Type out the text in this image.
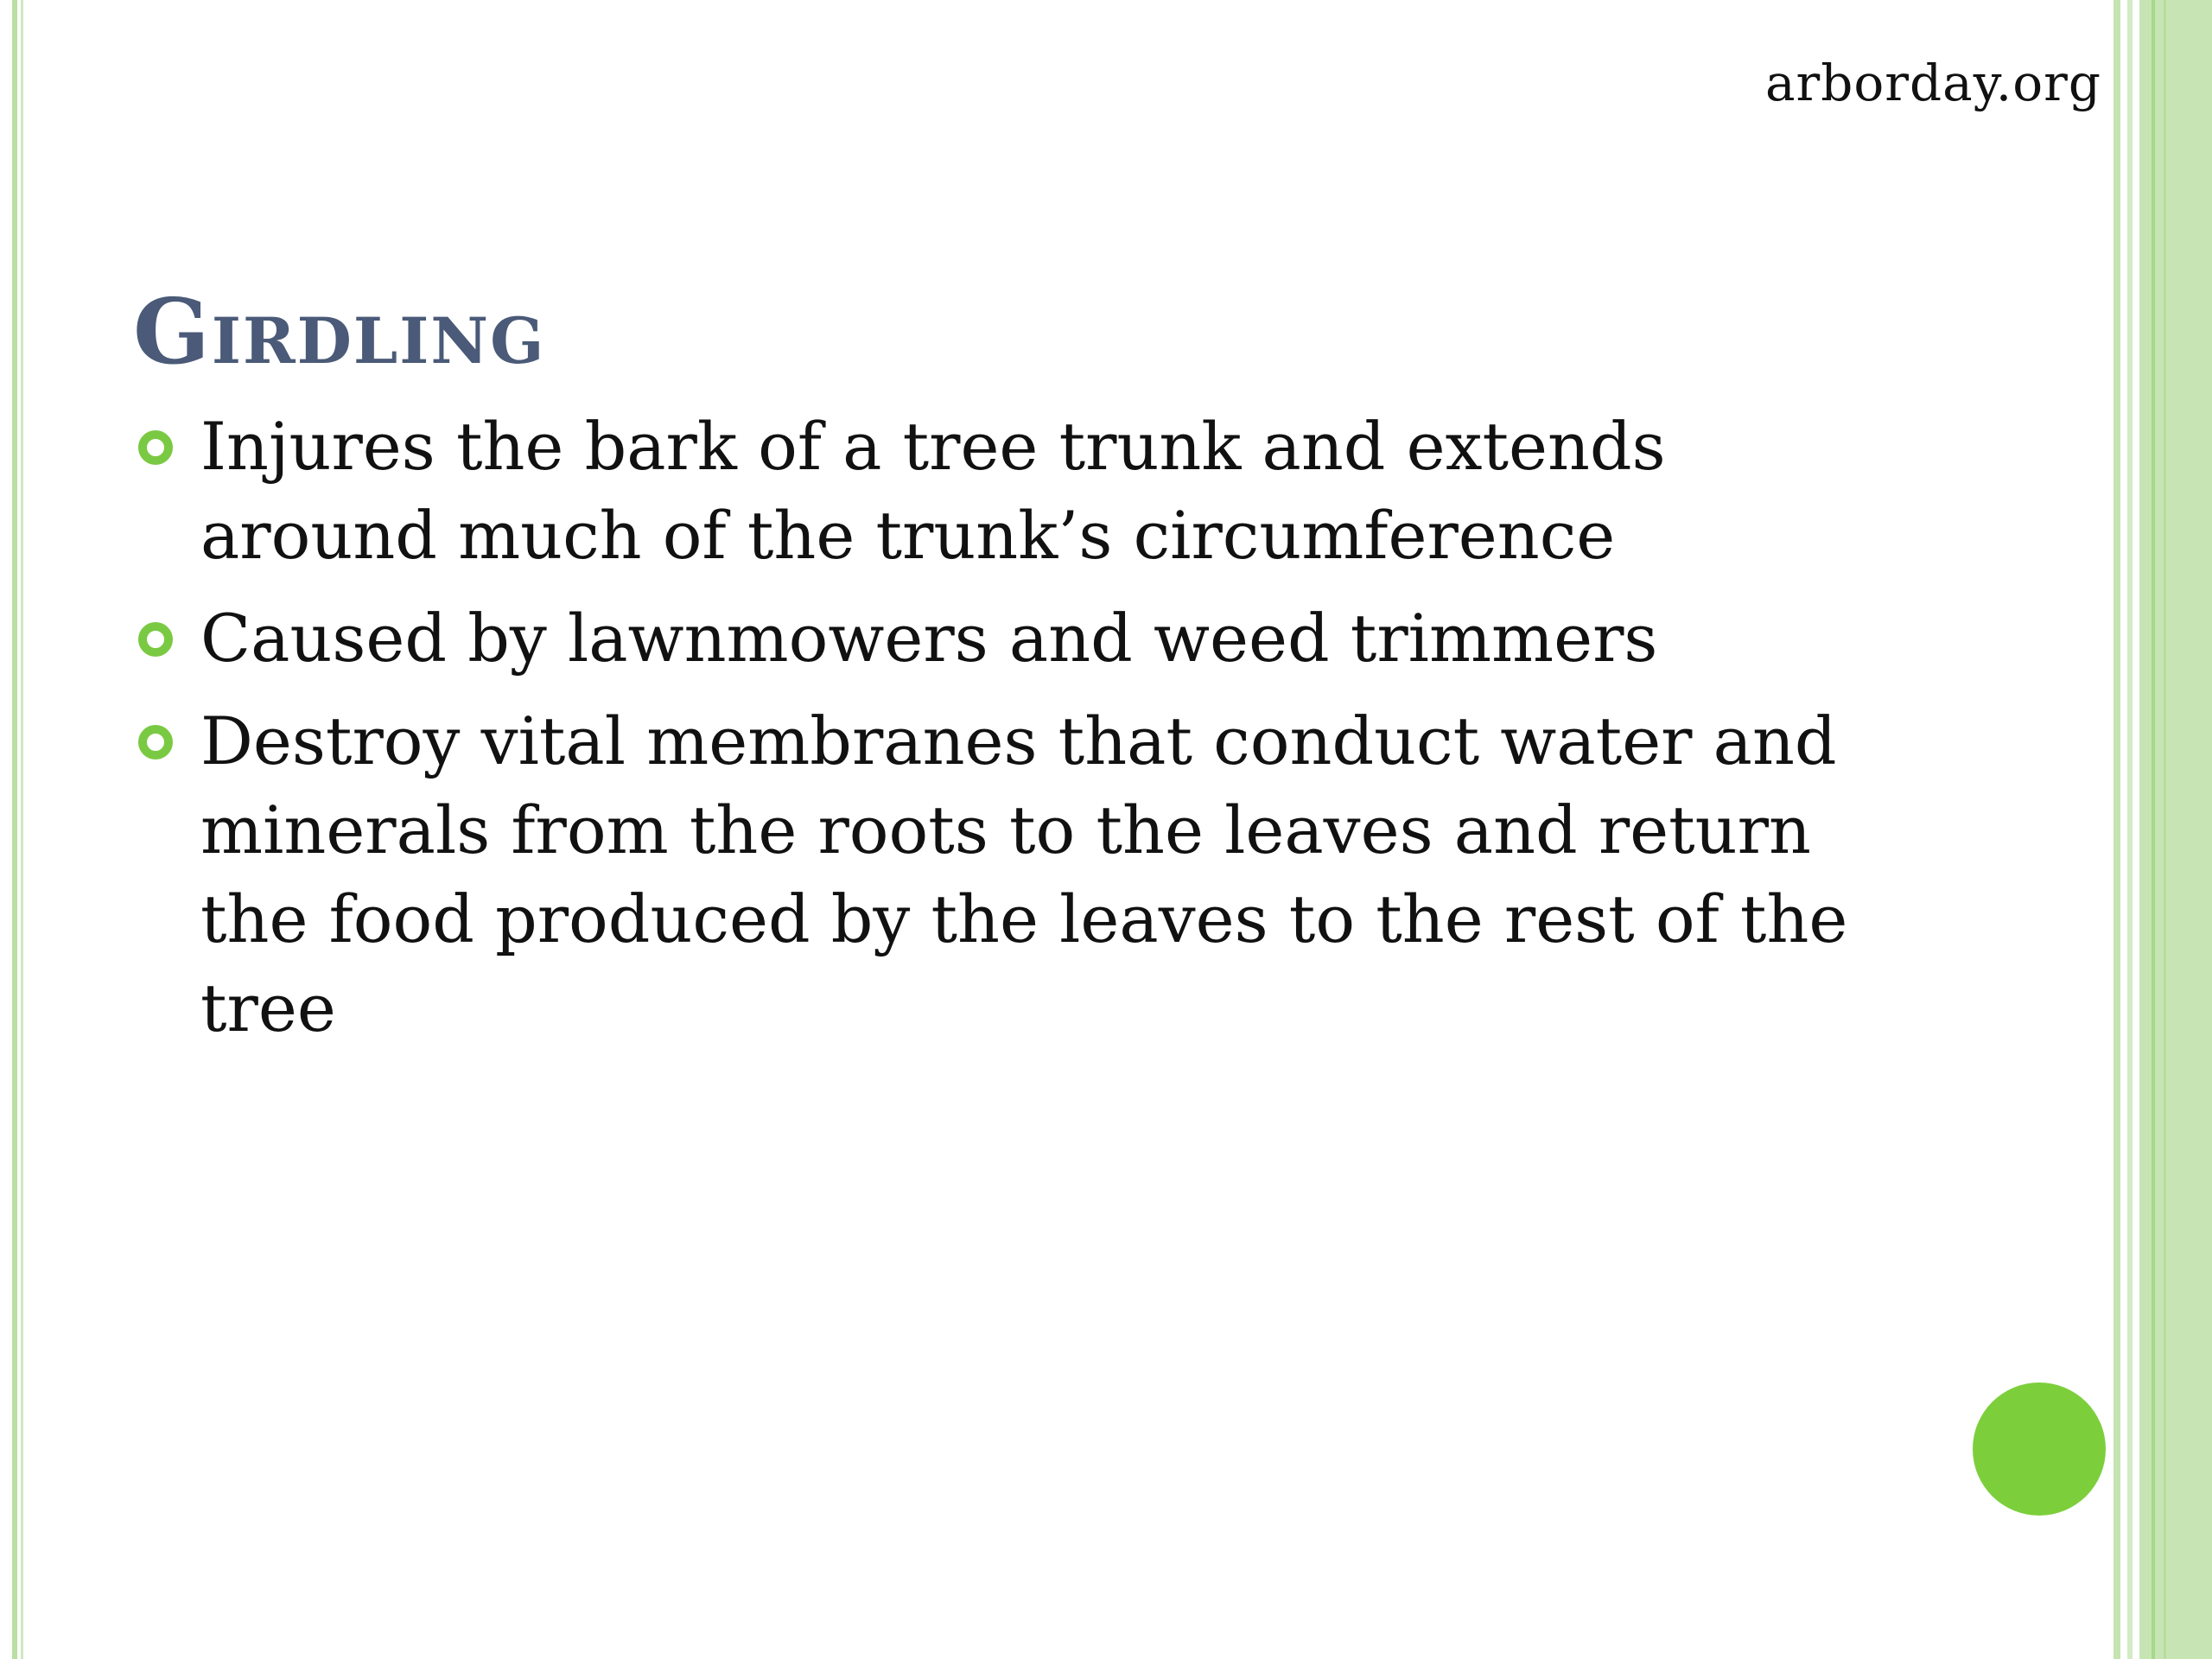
arborday.org
Girdling
Injures the bark of a tree trunk and extends around much of the trunk’s circumference
Caused by lawnmowers and weed trimmers
Destroy vital membranes that conduct water and minerals from the roots to the leaves and return the food produced by the leaves to the rest of the tree
